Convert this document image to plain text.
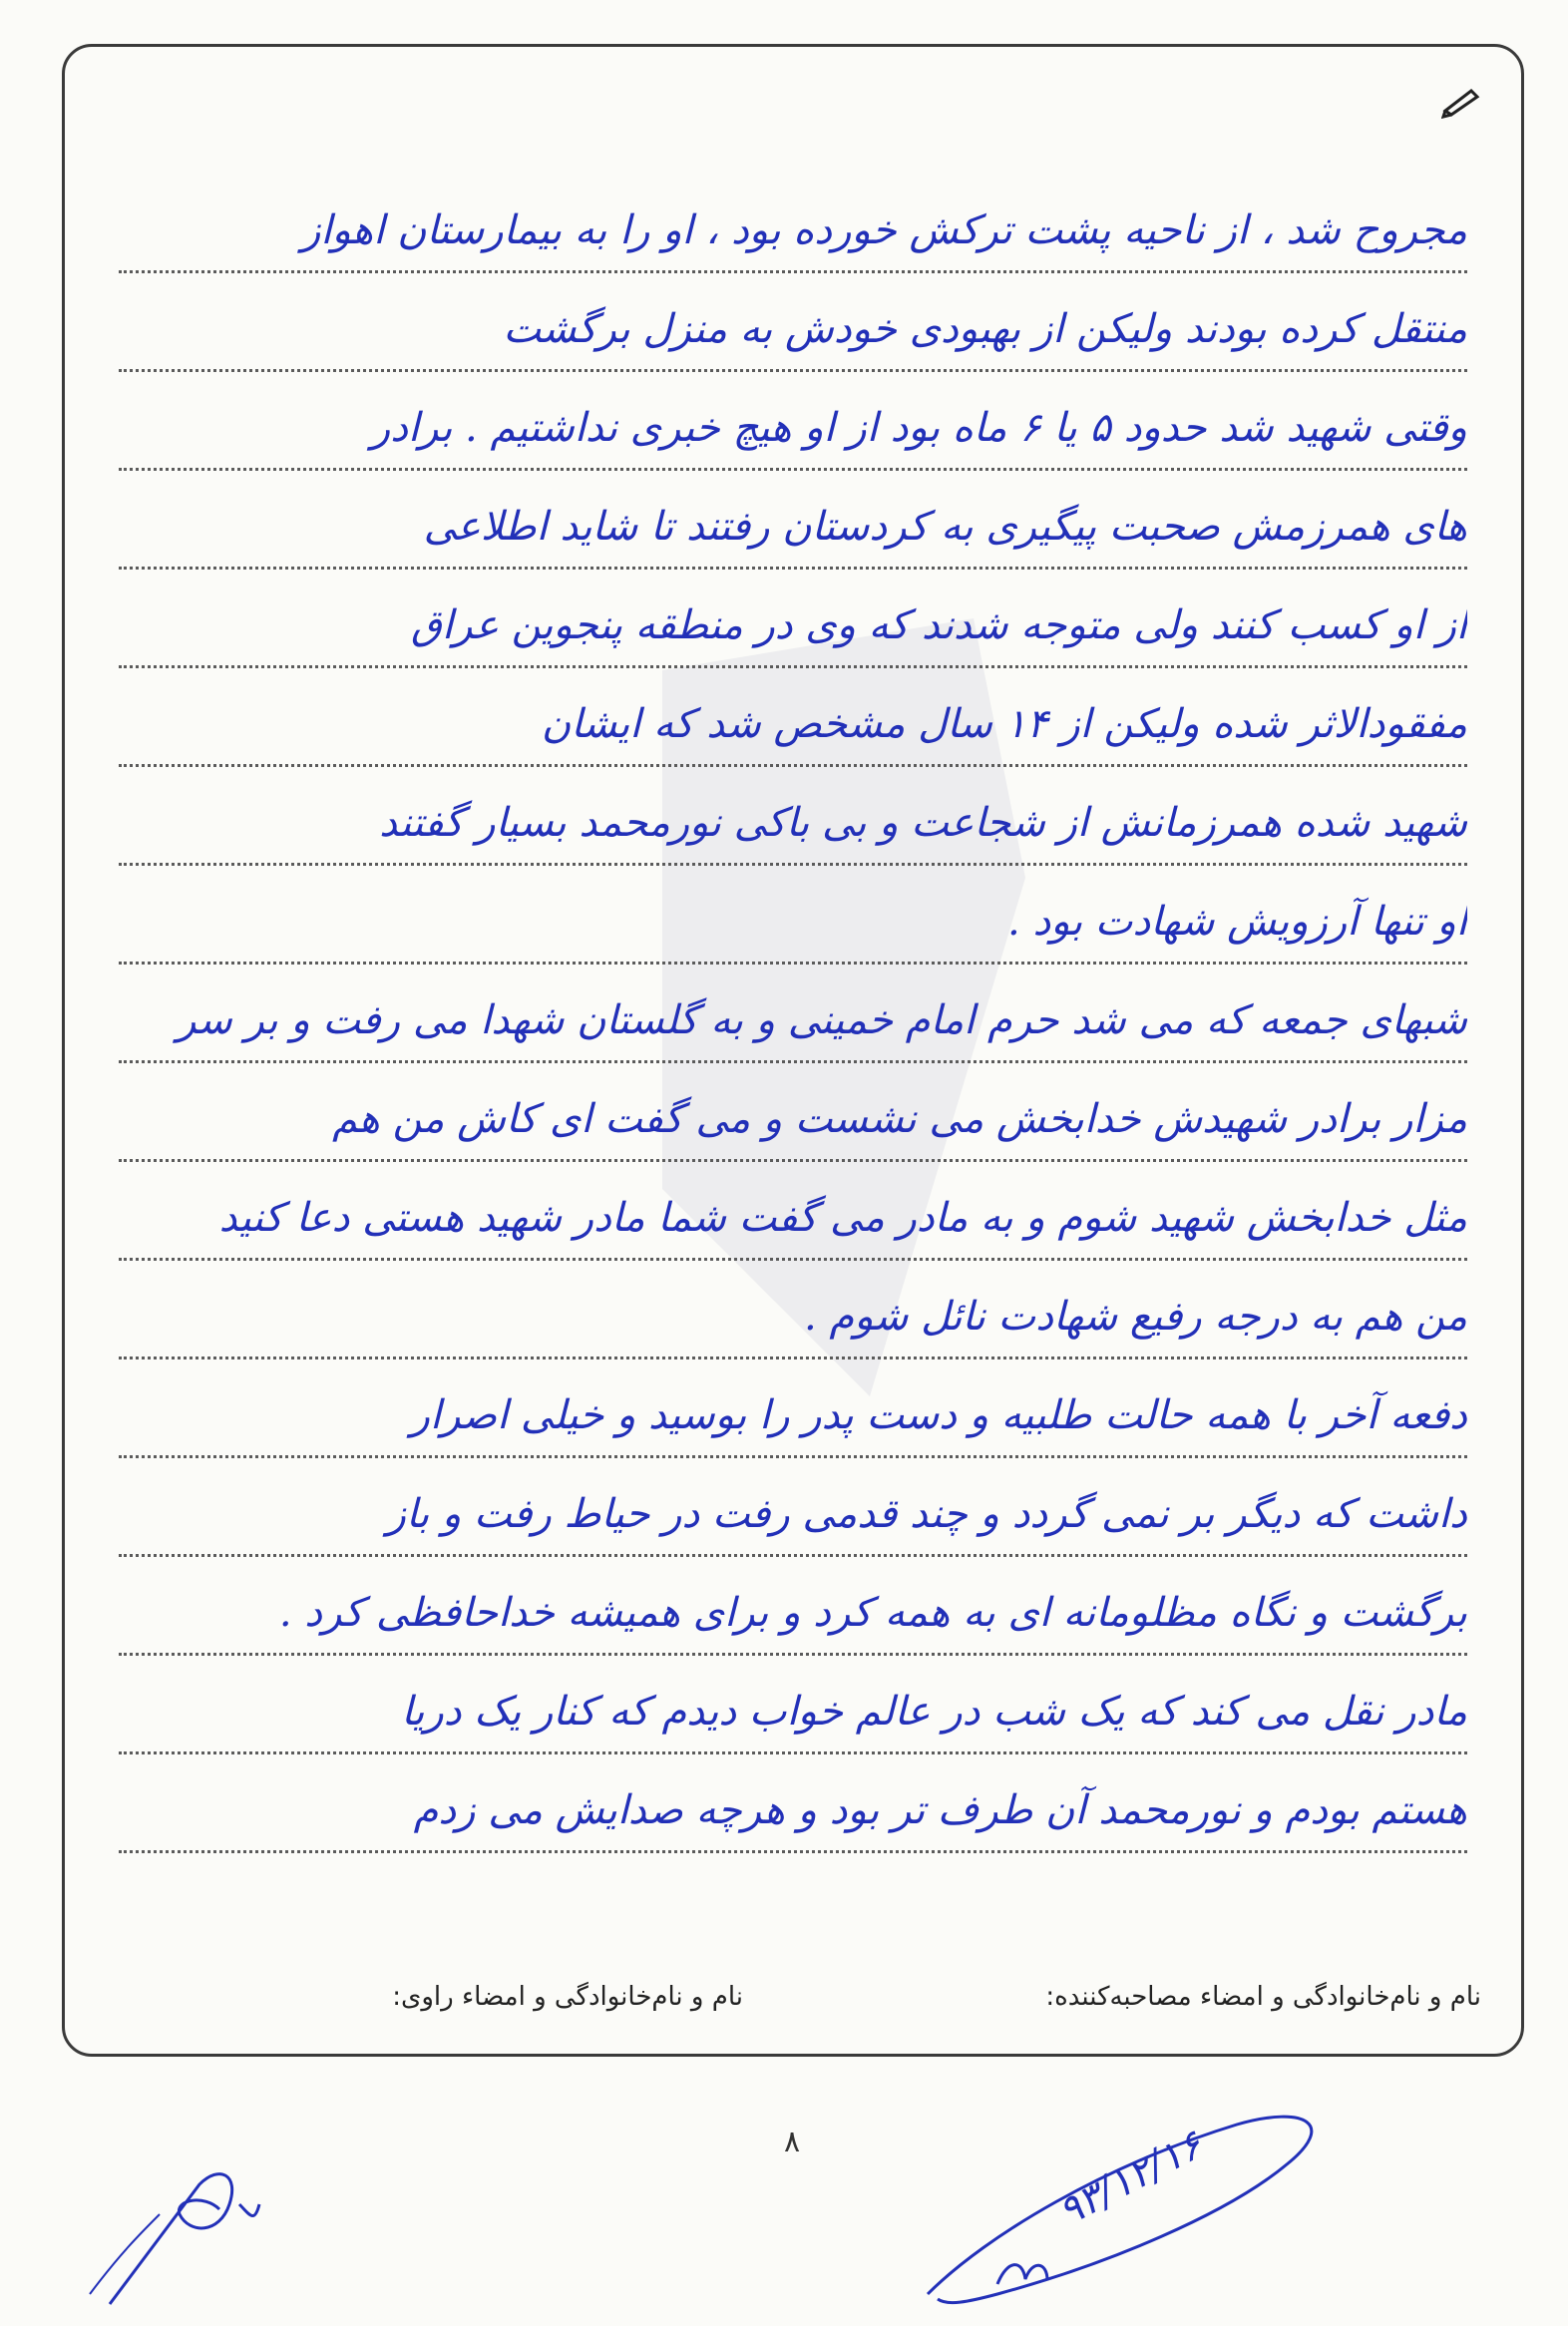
مجروح شد ، از ناحیه پشت ترکش خورده بود ، او را به بیمارستان اهواز
منتقل کرده بودند ولیکن از بهبودی خودش به منزل برگشت
وقتی شهید شد حدود ۵ یا ۶ ماه بود از او هیچ خبری نداشتیم . برادر
های همرزمش صحبت پیگیری به کردستان رفتند تا شاید اطلاعی
از او کسب کنند ولی متوجه شدند که وی در منطقه پنجوین عراق
مفقودالاثر شده ولیکن از ۱۴ سال مشخص شد که ایشان
شهید شده همرزمانش از شجاعت و بی باکی نورمحمد بسیار گفتند
او تنها آرزویش شهادت بود .
شبهای جمعه که می شد حرم امام خمینی و به گلستان شهدا می رفت و بر سر
مزار برادر شهیدش خدابخش می نشست و می گفت ای کاش من هم
مثل خدابخش شهید شوم و به مادر می گفت شما مادر شهید هستی دعا کنید
من هم به درجه رفیع شهادت نائل شوم .
دفعه آخر با همه حالت طلبیه و دست پدر را بوسید و خیلی اصرار
داشت که دیگر بر نمی گردد و چند قدمی رفت در حیاط رفت و باز
برگشت و نگاه مظلومانه ای به همه کرد و برای همیشه خداحافظی کرد .
مادر نقل می کند که یک شب در عالم خواب دیدم که کنار یک دریا
هستم بودم و نورمحمد آن طرف تر بود و هرچه صدایش می زدم
نام و نام‌خانوادگی و امضاء مصاحبه‌کننده:
نام و نام‌خانوادگی و امضاء راوی:
۸	۹۳/۱۲/۱۶
